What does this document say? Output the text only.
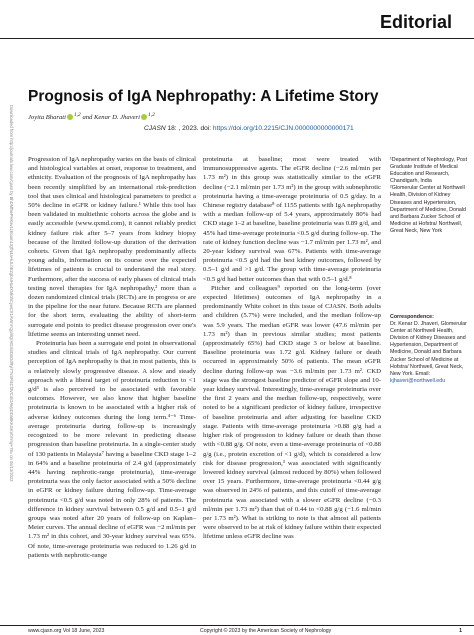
Editorial
Downloaded from http://journals.lww.com/cjasn by BhDMf5ePHKav1zEoum1tQfN4a+kJLhEZgbsIHo4XMi0hCywCX1AWnYQp/IlQrHD3i3D0OdRyi7TvSFl4Cf3VC4/OAVpDDa8KKGKV0Ymy+78= on 06/13/2023
Prognosis of IgA Nephropathy: A Lifetime Story
Joyita Bharati $^{1,2}$ and Kenar D. Jhaveri $^{1,2}$
CJASN 18: , 2023. doi: https://doi.org/10.2215/CJN.0000000000000171

Progression of IgA nephropathy varies on the basis of clinical and histological variables at onset, response to treatment, and ethnicity. Evaluation of the prognosis of IgA nephropathy has been recently simplified by an international risk-prediction tool that uses clinical and histological parameters to predict a 50% decline in eGFR or kidney failure.¹ While this tool has been validated in multiethnic cohorts across the globe and is easily accessible (www.qxmd.com), it cannot reliably predict kidney failure risk after 5–7 years from kidney biopsy because of the limited follow-up duration of the derivation cohorts. Given that IgA nephropathy predominantly affects young adults, information on its course over the expected lifetimes of patients is crucial to understand the real story. Furthermore, after the success of early phases of clinical trials testing novel therapies for IgA nephropathy,² more than a dozen randomized clinical trials (RCTs) are in progress or are in the pipeline for the near future. Because RCTs are planned for the short term, evaluating the ability of short-term surrogate end points to predict disease progression over one's lifetime seems an interesting unmet need.

Proteinuria has been a surrogate end point in observational studies and clinical trials of IgA nephropathy. Our current perception of IgA nephropathy is that in most patients, this is a relatively slowly progressive disease. A slow and steady approach with a liberal target of proteinuria reduction to <1 g/d³ is also perceived to be associated with favorable outcomes. However, we also know that higher baseline proteinuria is known to be associated with a higher risk of adverse kidney outcomes during the long term.⁴⁻⁶ Time-average proteinuria during follow-up is increasingly recognized to be more relevant in predicting disease progression than baseline proteinuria. In a single-center study of 130 patients in Malaysia⁷ having a baseline CKD stage 1–2 in 64% and a baseline proteinuria of 2.4 g/d (approximately 44% having nephrotic-range proteinuria), time-average proteinuria was the only factor associated with a 50% decline in eGFR or kidney failure during follow-up. Time-average proteinuria <0.5 g/d was noted in only 28% of patients. The difference in kidney survival between 0.5 g/d and 0.5–1 g/d groups was noted after 20 years of follow-up on Kaplan–Meier curves. The annual decline of eGFR was −2 ml/min per 1.73 m² in this cohort, and 30-year kidney survival was 65%. Of note, time-average proteinuria was reduced to 1.26 g/d in patients with nephrotic-range

proteinuria at baseline; most were treated with immunosuppressive agents. The eGFR decline (−2.6 ml/min per 1.73 m²) in this group was statistically similar to the eGFR decline (−2.1 ml/min per 1.73 m²) in the group with subnephrotic proteinuria having a time-average proteinuria of 0.5 g/day. In a Chinese registry database⁸ of 1155 patients with IgA nephropathy with a median follow-up of 5.4 years, approximately 80% had CKD stage 1–2 at baseline, baseline proteinuria was 0.89 g/d, and 45% had time-average proteinuria <0.5 g/d during follow-up. The rate of kidney function decline was −1.7 ml/min per 1.73 m², and 20-year kidney survival was 67%. Patients with time-average proteinuria <0.5 g/d had the best kidney outcomes, followed by 0.5–1 g/d and >1 g/d. The group with time-average proteinuria <0.5 g/d had better outcomes than that with 0.5–1 g/d.⁸

Pitcher and colleagues⁹ reported on the long-term (over expected lifetimes) outcomes of IgA nephropathy in a predominantly White cohort in this issue of CJASN. Both adults and children (5.7%) were included, and the median follow-up was 5.9 years. The median eGFR was lower (47.6 ml/min per 1.73 m²) than in previous similar studies; most patients (approximately 65%) had CKD stage 3 or below at baseline. Baseline proteinuria was 1.72 g/d. Kidney failure or death occurred in approximately 50% of patients. The mean eGFR decline during follow-up was −3.6 ml/min per 1.73 m². CKD stage was the strongest baseline predictor of eGFR slope and 10-year kidney survival. Interestingly, time-average proteinuria over the first 2 years and the median follow-up, respectively, were noted to be a significant predictor of kidney failure, irrespective of baseline proteinuria and after adjusting for baseline CKD stage. Patients with time-average proteinuria >0.88 g/g had a higher risk of progression to kidney failure or death than those with <0.88 g/g. Of note, even a time-average proteinuria of <0.88 g/g (i.e., protein excretion of <1 g/d), which is considered a low risk for disease progression,³ was associated with significantly lowered kidney survival (almost reduced by 80%) when followed over 15 years. Furthermore, time-average proteinuria <0.44 g/g was observed in 24% of patients, and this cutoff of time-average proteinuria was associated with a slower eGFR decline (−0.3 ml/min per 1.73 m²) than that of 0.44 to <0.88 g/g (−1.6 ml/min per 1.73 m²). What is striking to note is that almost all patients were observed to be at risk of kidney failure within their expected lifetime unless eGFR decline was

¹Department of Nephrology, Post Graduate Institute of Medical Education and Research, Chandigarh, India

²Glomerular Center at Northwell Health, Division of Kidney Diseases and Hypertension, Department of Medicine, Donald and Barbara Zucker School of Medicine at Hofstra/ Northwell, Great Neck, New York

Correspondence:
Dr. Kenar D. Jhaveri, Glomerular Center at Northwell Health, Division of Kidney Diseases and Hypertension, Department of Medicine, Donald and Barbara Zucker School of Medicine at Hofstra/ Northwell, Great Neck, New York. Email: kjhaveri@northwell.edu
www.cjasn.org Vol 18 June, 2023	Copyright © 2023 by the American Society of Nephrology	1
